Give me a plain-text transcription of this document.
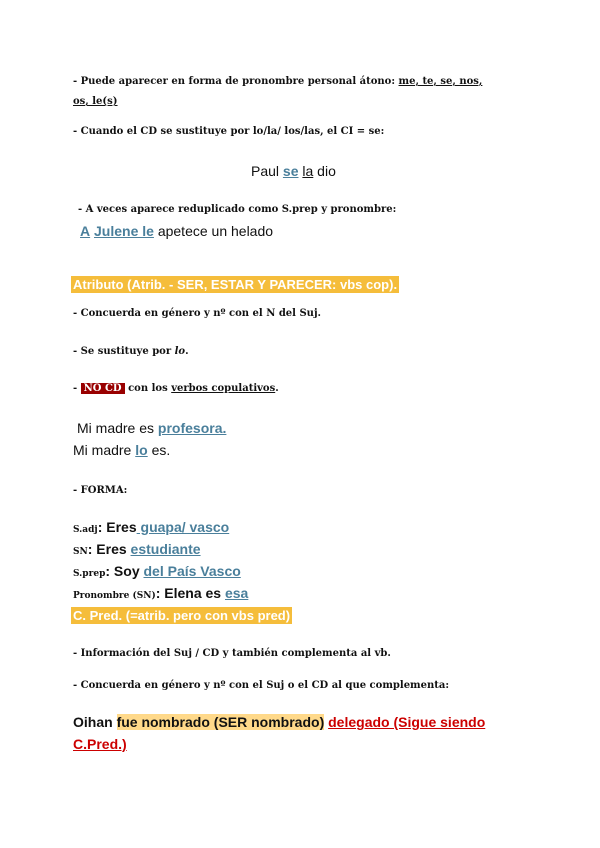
- Puede aparecer en forma de pronombre personal átono: me, te, se, nos,
os, le(s)
- Cuando el CD se sustituye por lo/la/ los/las, el CI = se:
Paul se la dio
- A veces aparece reduplicado como S.prep y pronombre:
A Julene le apetece un helado
Atributo (Atrib. - SER, ESTAR Y PARECER: vbs cop).
- Concuerda en género y nº con el N del Suj.
- Se sustituye por lo.
- NO CD con los verbos copulativos.
Mi madre es profesora.
Mi madre lo es.
- FORMA:
S.adj: Eres guapa/ vasco
SN: Eres estudiante
S.prep: Soy del País Vasco
Pronombre (SN): Elena es esa
C. Pred. (=atrib. pero con vbs pred)
- Información del Suj / CD y también complementa al vb.
- Concuerda en género y nº con el Suj o el CD al que complementa:
Oihan fue nombrado (SER nombrado) delegado (Sigue siendo
C.Pred.)
